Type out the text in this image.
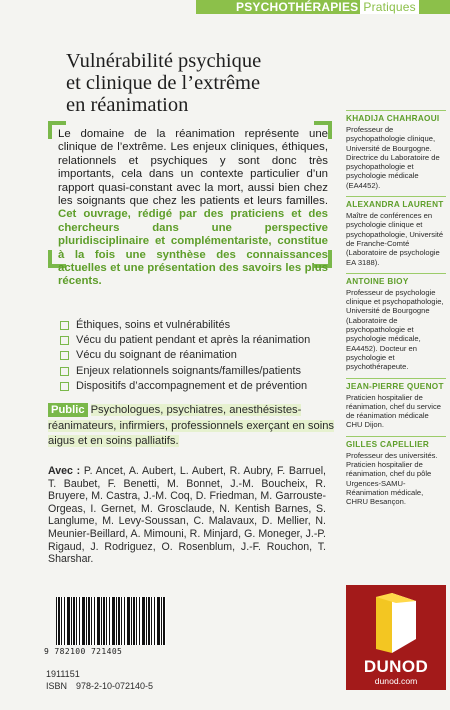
PSYCHOTHÉRAPIES Pratiques
Vulnérabilité psychique
et clinique de l’extrême
en réanimation
Le domaine de la réanimation représente une clinique de l’extrême. Les enjeux cliniques, éthiques, relationnels et psychiques y sont donc très importants, cela dans un contexte particulier d’un rapport quasi-constant avec la mort, aussi bien chez les soignants que chez les patients et leurs familles. Cet ouvrage, rédigé par des praticiens et des chercheurs dans une perspective pluridisciplinaire et complémentariste, constitue à la fois une synthèse des connaissances actuelles et une présentation des savoirs les plus récents.
Éthiques, soins et vulnérabilités
Vécu du patient pendant et après la réanimation
Vécu du soignant de réanimation
Enjeux relationnels soignants/familles/patients
Dispositifs d’accompagnement et de prévention
Public Psychologues, psychiatres, anesthésistes-réanimateurs, infirmiers, professionnels exerçant en soins aigus et en soins palliatifs.
Avec : P. Ancet, A. Aubert, L. Aubert, R. Aubry, F. Barruel, T. Baubet, F. Benetti, M. Bonnet, J.-M. Boucheix, R. Bruyere, M. Castra, J.-M. Coq, D. Friedman, M. Garrouste-Orgeas, I. Gernet, M. Grosclaude, N. Kentish Barnes, S. Langlume, M. Levy-Soussan, C. Malavaux, D. Mellier, N. Meunier-Beillard, A. Mimouni, R. Minjard, G. Moneger, J.-P. Rigaud, J. Rodriguez, O. Rosenblum, J.-F. Rouchon, T. Sharshar.
KHADIJA CHAHRAOUI
Professeur de psychopathologie clinique, Université de Bourgogne. Directrice du Laboratoire de psychopathologie et psychologie médicale (EA4452).
ALEXANDRA LAURENT
Maître de conférences en psychologie clinique et psychopathologie, Université de Franche-Comté (Laboratoire de psychologie EA 3188).
ANTOINE BIOY
Professeur de psychologie clinique et psychopathologie, Université de Bourgogne (Laboratoire de psychopathologie et psychologie médicale, EA4452). Docteur en psychologie et psychothérapeute.
JEAN-PIERRE QUENOT
Praticien hospitalier de réanimation, chef du service de réanimation médicale CHU Dijon.
GILLES CAPELLIER
Professeur des universités. Praticien hospitalier de réanimation, chef du pôle Urgences-SAMU-Réanimation médicale, CHRU Besançon.
9 782100 721405
1911151
ISBN 978-2-10-072140-5
DUNOD
dunod.com
